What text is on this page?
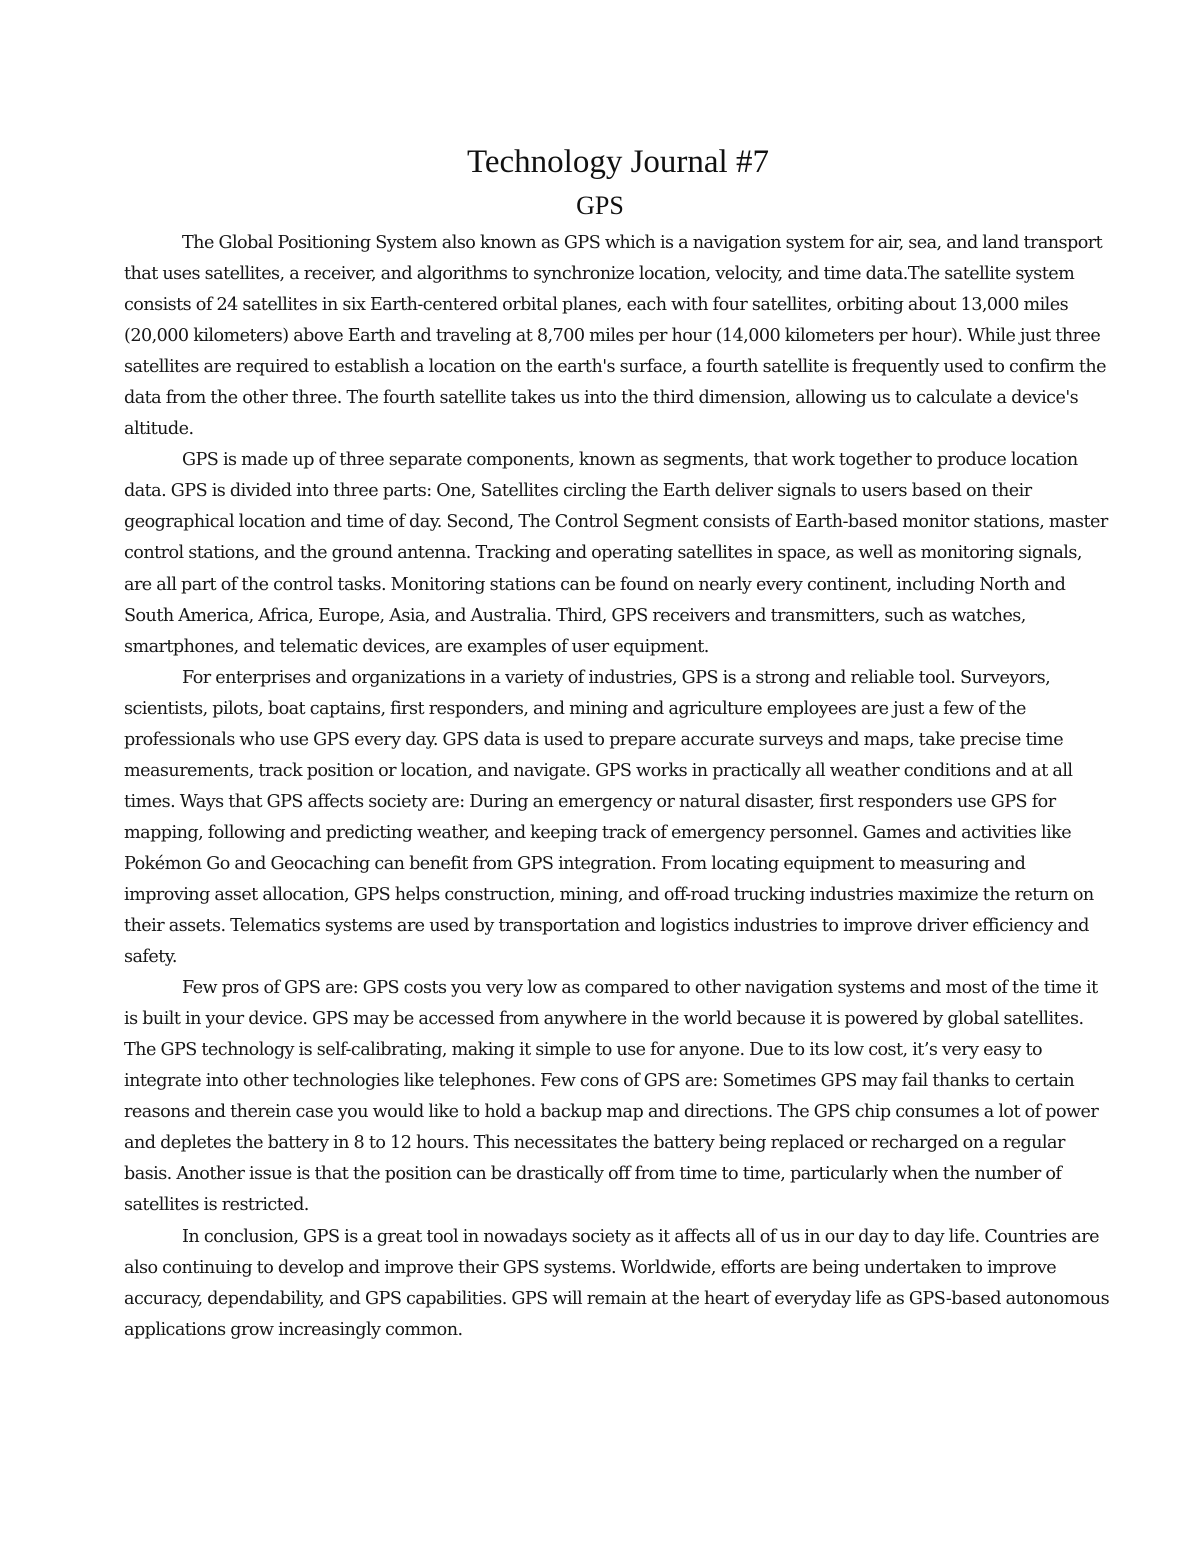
Technology Journal #7
GPS

The Global Positioning System also known as GPS which is a navigation system for air, sea, and land transport that uses satellites, a receiver, and algorithms to synchronize location, velocity, and time data.The satellite system consists of 24 satellites in six Earth-centered orbital planes, each with four satellites, orbiting about 13,000 miles (20,000 kilometers) above Earth and traveling at 8,700 miles per hour (14,000 kilometers per hour). While just three satellites are required to establish a location on the earth's surface, a fourth satellite is frequently used to confirm the data from the other three. The fourth satellite takes us into the third dimension, allowing us to calculate a device's altitude.

GPS is made up of three separate components, known as segments, that work together to produce location data. GPS is divided into three parts: One, Satellites circling the Earth deliver signals to users based on their geographical location and time of day. Second, The Control Segment consists of Earth-based monitor stations, master control stations, and the ground antenna. Tracking and operating satellites in space, as well as monitoring signals, are all part of the control tasks. Monitoring stations can be found on nearly every continent, including North and South America, Africa, Europe, Asia, and Australia. Third, GPS receivers and transmitters, such as watches, smartphones, and telematic devices, are examples of user equipment.

For enterprises and organizations in a variety of industries, GPS is a strong and reliable tool. Surveyors, scientists, pilots, boat captains, first responders, and mining and agriculture employees are just a few of the professionals who use GPS every day. GPS data is used to prepare accurate surveys and maps, take precise time measurements, track position or location, and navigate. GPS works in practically all weather conditions and at all times. Ways that GPS affects society are: During an emergency or natural disaster, first responders use GPS for mapping, following and predicting weather, and keeping track of emergency personnel. Games and activities like Pokémon Go and Geocaching can benefit from GPS integration. From locating equipment to measuring and improving asset allocation, GPS helps construction, mining, and off-road trucking industries maximize the return on their assets. Telematics systems are used by transportation and logistics industries to improve driver efficiency and safety.

Few pros of GPS are: GPS costs you very low as compared to other navigation systems and most of the time it is built in your device. GPS may be accessed from anywhere in the world because it is powered by global satellites. The GPS technology is self-calibrating, making it simple to use for anyone. Due to its low cost, it’s very easy to integrate into other technologies like telephones. Few cons of GPS are: Sometimes GPS may fail thanks to certain reasons and therein case you would like to hold a backup map and directions. The GPS chip consumes a lot of power and depletes the battery in 8 to 12 hours. This necessitates the battery being replaced or recharged on a regular basis. Another issue is that the position can be drastically off from time to time, particularly when the number of satellites is restricted.

In conclusion, GPS is a great tool in nowadays society as it affects all of us in our day to day life. Countries are also continuing to develop and improve their GPS systems. Worldwide, efforts are being undertaken to improve accuracy, dependability, and GPS capabilities. GPS will remain at the heart of everyday life as GPS-based autonomous applications grow increasingly common.
